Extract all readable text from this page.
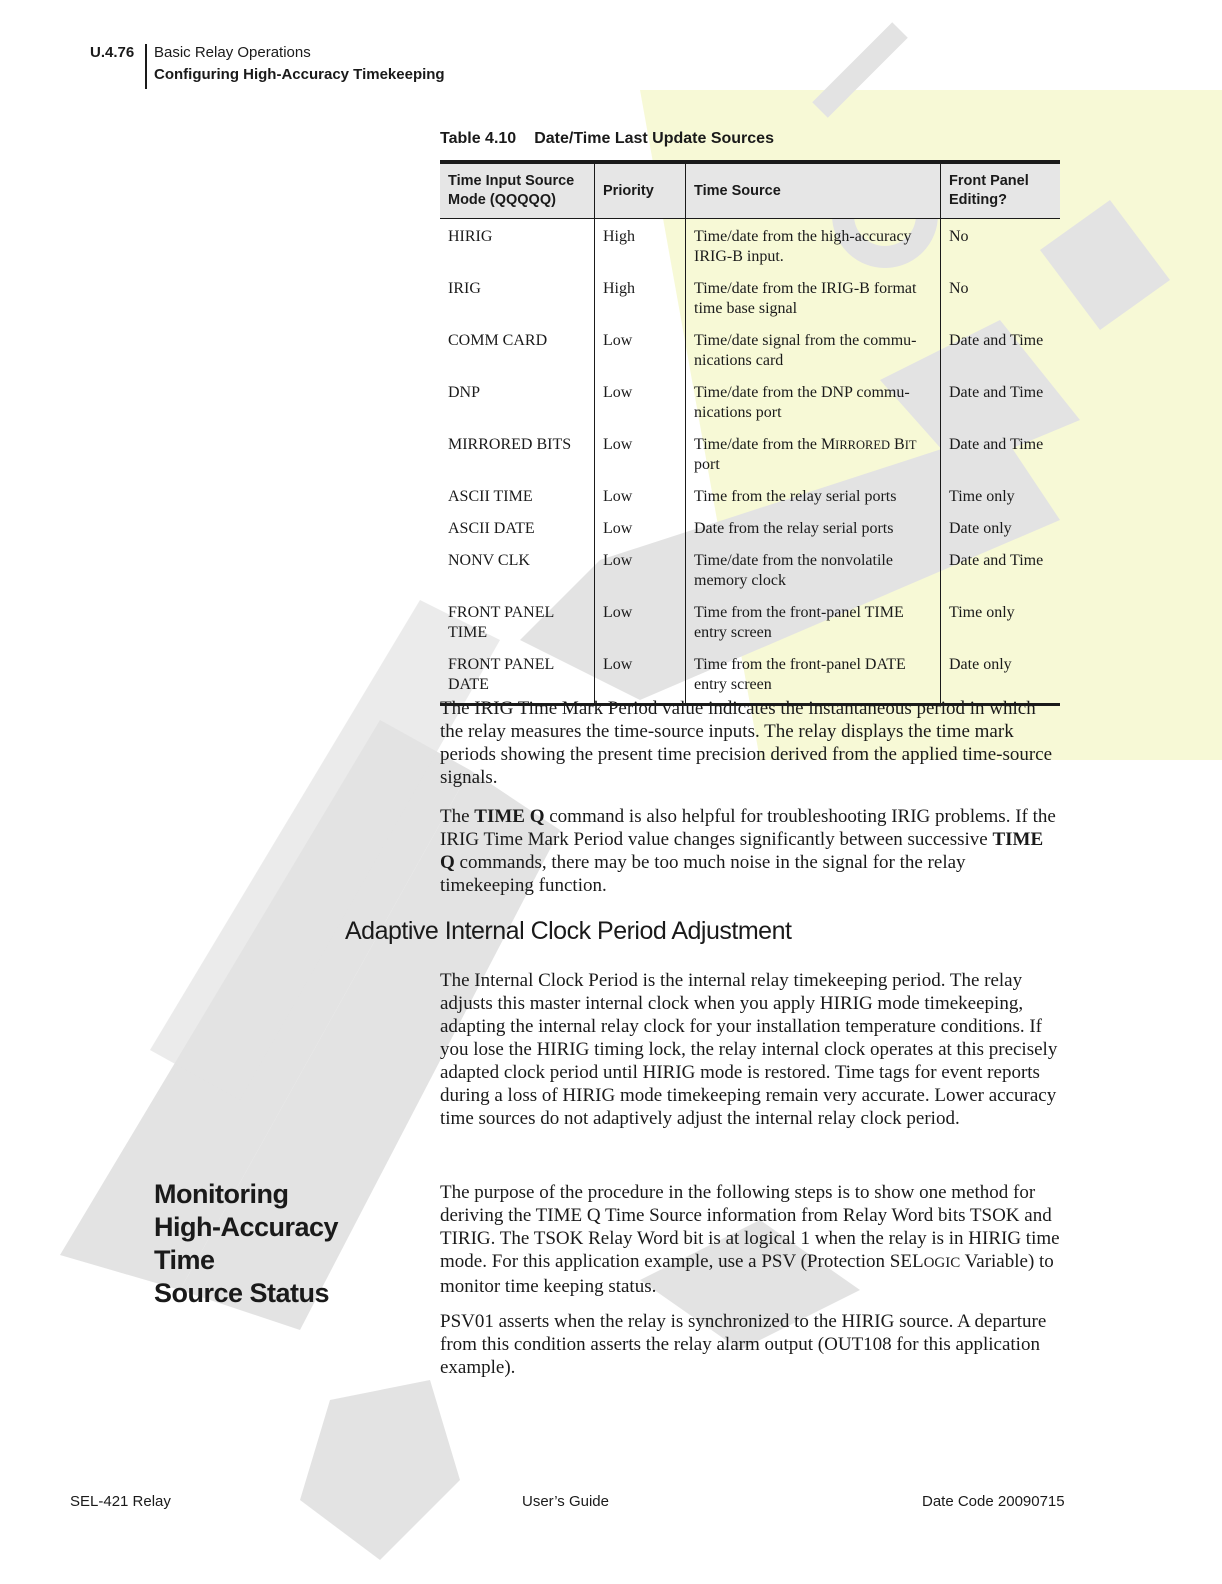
U.4.76 Basic Relay Operations
Configuring High-Accuracy Timekeeping
Table 4.10 Date/Time Last Update Sources
Time Input Source Mode (QQQQQ)	Priority	Time Source	Front Panel Editing?
HIRIG	High	Time/date from the high-accuracy IRIG-B input.	No
IRIG	High	Time/date from the IRIG-B format time base signal	No
COMM CARD	Low	Time/date signal from the commu-nications card	Date and Time
DNP	Low	Time/date from the DNP commu-nications port	Date and Time
MIRRORED BITS	Low	Time/date from the MIRRORED BIT port	Date and Time
ASCII TIME	Low	Time from the relay serial ports	Time only
ASCII DATE	Low	Date from the relay serial ports	Date only
NONV CLK	Low	Time/date from the nonvolatile memory clock	Date and Time
FRONT PANEL TIME	Low	Time from the front-panel TIME entry screen	Time only
FRONT PANEL DATE	Low	Time from the front-panel DATE entry screen	Date only

The IRIG Time Mark Period value indicates the instantaneous period in which the relay measures the time-source inputs. The relay displays the time mark periods showing the present time precision derived from the applied time-source signals.

The TIME Q command is also helpful for troubleshooting IRIG problems. If the IRIG Time Mark Period value changes significantly between successive TIME Q commands, there may be too much noise in the signal for the relay timekeeping function.

Adaptive Internal Clock Period Adjustment

The Internal Clock Period is the internal relay timekeeping period. The relay adjusts this master internal clock when you apply HIRIG mode timekeeping, adapting the internal relay clock for your installation temperature conditions. If you lose the HIRIG timing lock, the relay internal clock operates at this precisely adapted clock period until HIRIG mode is restored. Time tags for event reports during a loss of HIRIG mode timekeeping remain very accurate. Lower accuracy time sources do not adaptively adjust the internal relay clock period.

Monitoring
High-Accuracy Time
Source Status

The purpose of the procedure in the following steps is to show one method for deriving the TIME Q Time Source information from Relay Word bits TSOK and TIRIG. The TSOK Relay Word bit is at logical 1 when the relay is in HIRIG time mode. For this application example, use a PSV (Protection SELOGIC Variable) to monitor time keeping status.

PSV01 asserts when the relay is synchronized to the HIRIG source. A departure from this condition asserts the relay alarm output (OUT108 for this application example).

SEL-421 Relay	User’s Guide	Date Code 20090715
